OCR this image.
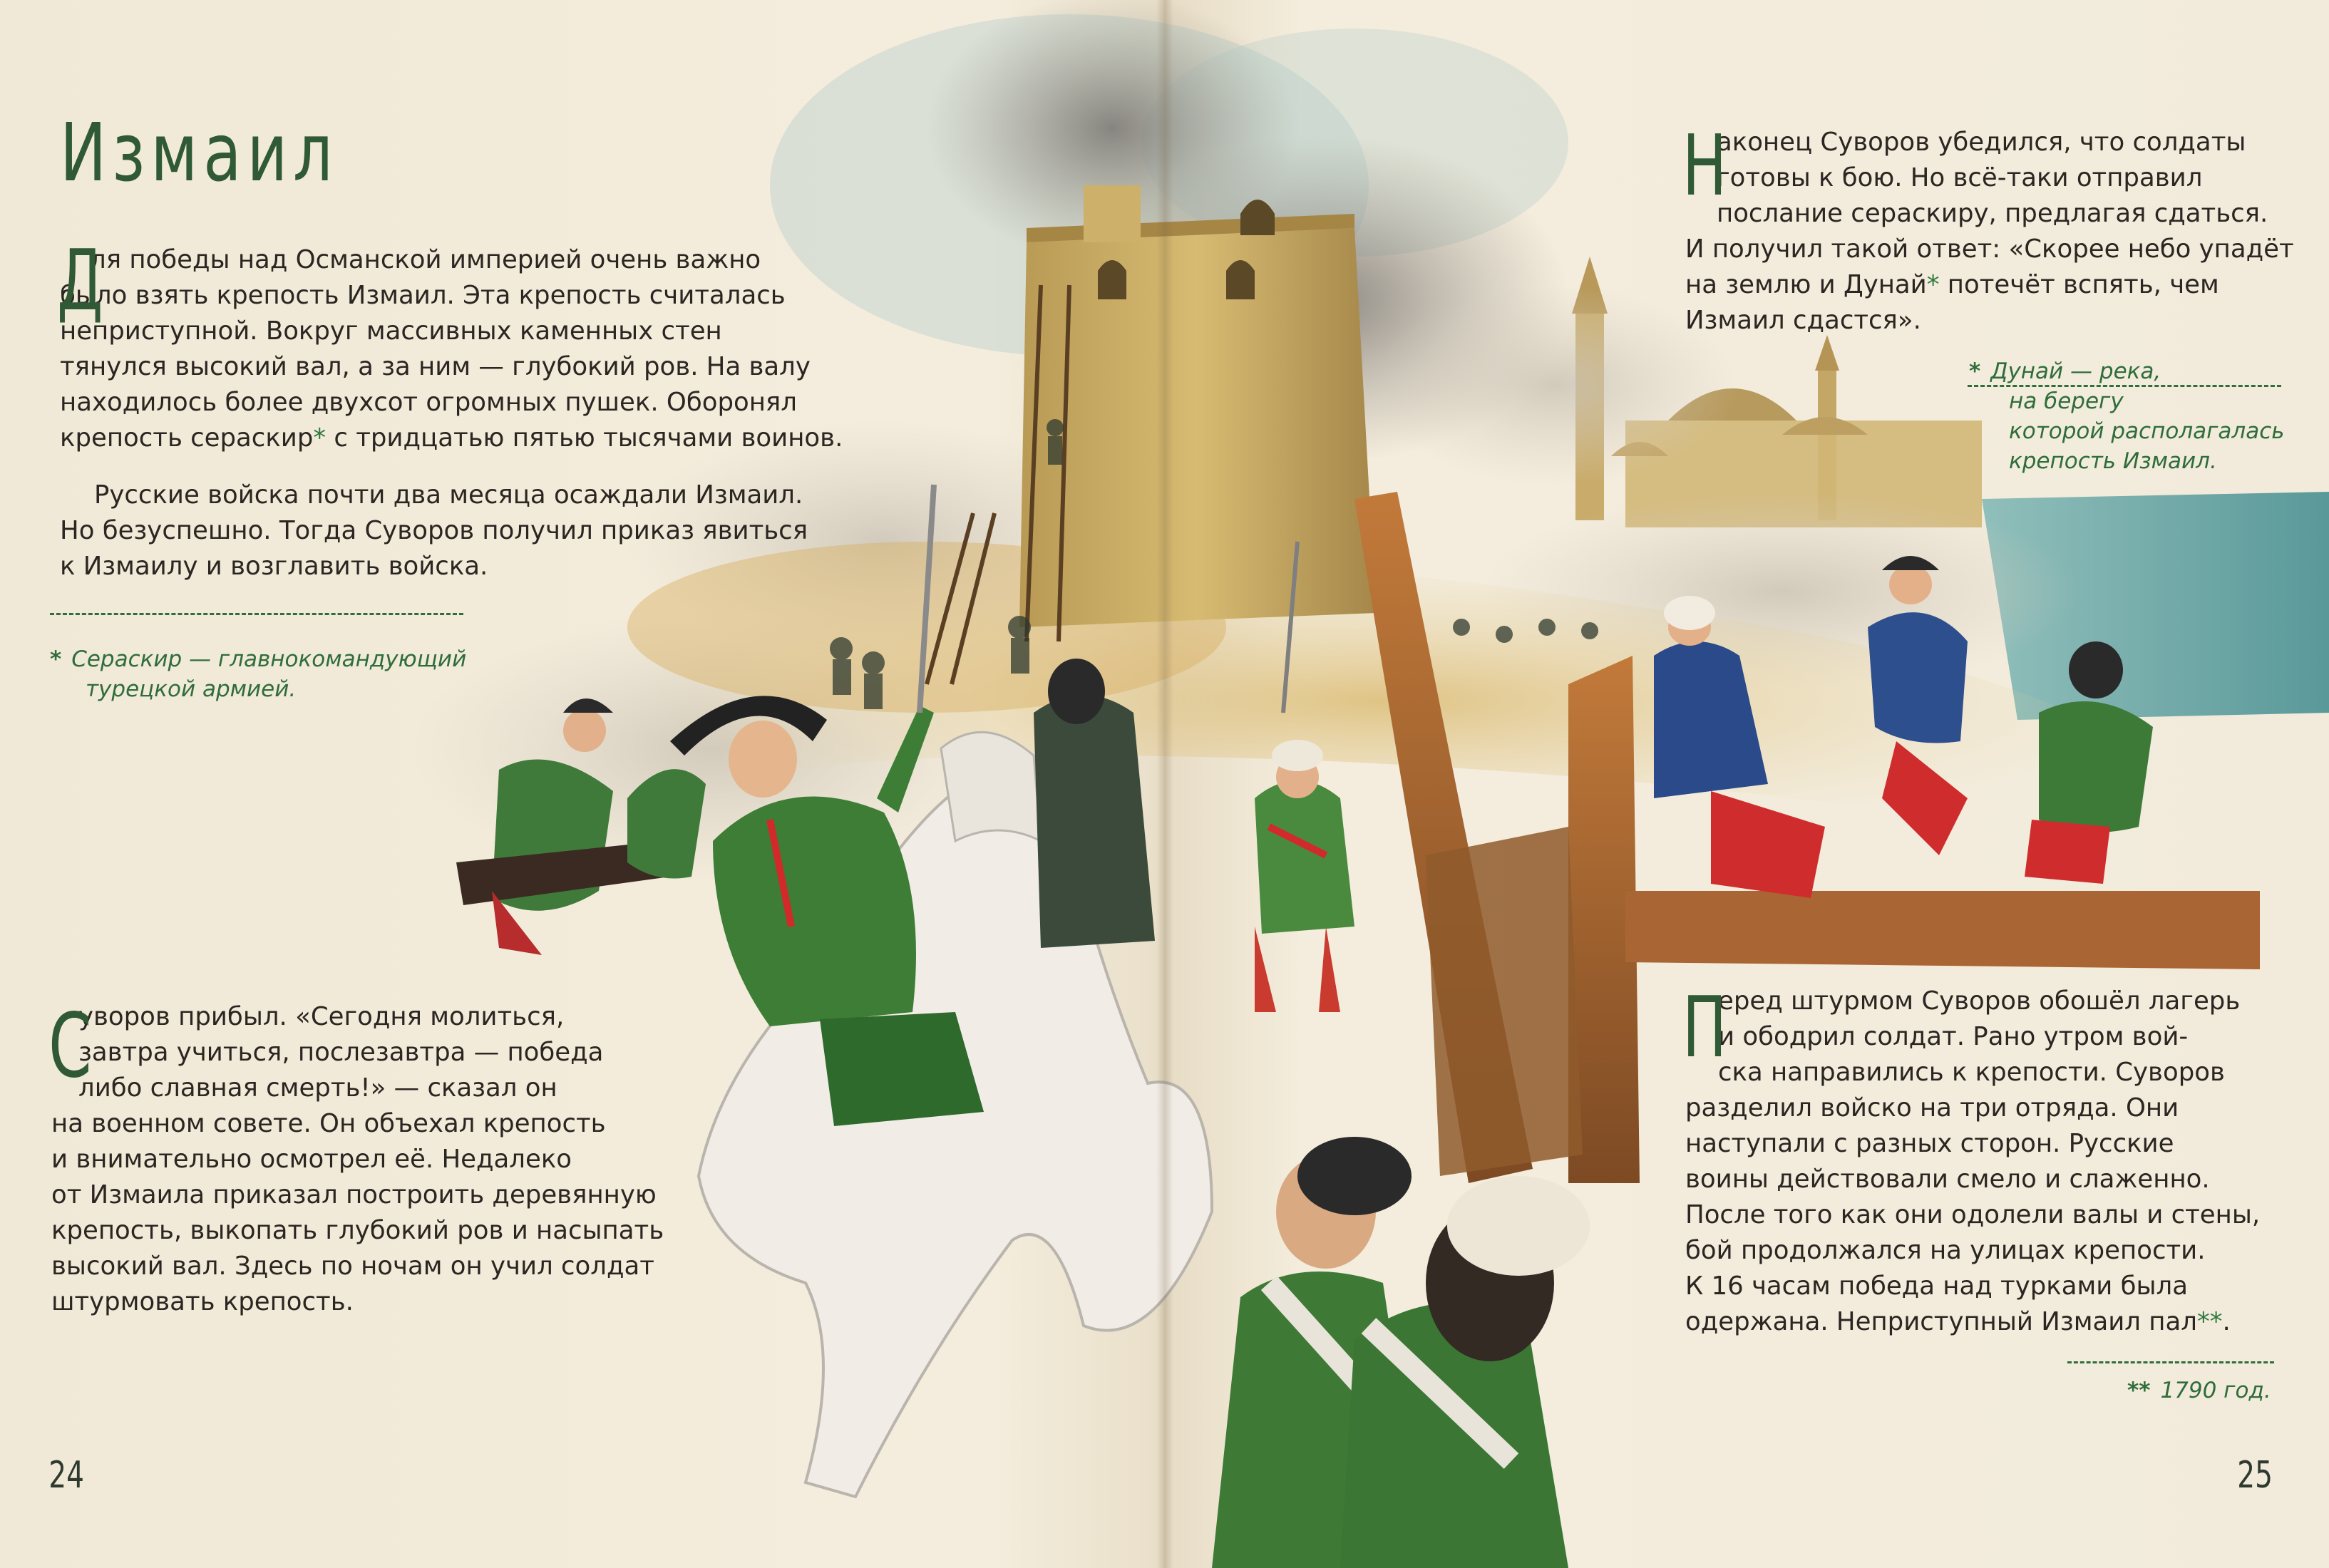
Измаил
Д

ля победы над Османской империей очень важно

было взять крепость Измаил. Эта крепость считалась

неприступной. Вокруг массивных каменных стен

тянулся высокий вал, а за ним — глубокий ров. На валу

находилось более двухсот огромных пушек. Оборонял

крепость сераскир* с тридцатью пятью тысячами воинов.

Русские войска почти два месяца осаждали Измаил.

Но безуспешно. Тогда Суворов получил приказ явиться

к Измаилу и возглавить войска.

* Сераскир — главнокомандующий
турецкой армией.
С

уворов прибыл. «Сегодня молиться,

завтра учиться, послезавтра — победа

либо славная смерть!» — сказал он

на военном совете. Он объехал крепость

и внимательно осмотрел её. Недалеко

от Измаила приказал построить деревянную

крепость, выкопать глубокий ров и насыпать

высокий вал. Здесь по ночам он учил солдат

штурмовать крепость.

24
Н

аконец Суворов убедился, что солдаты

готовы к бою. Но всё-таки отправил

послание сераскиру, предлагая сдаться.

И получил такой ответ: «Скорее небо упадёт

на землю и Дунай* потечёт вспять, чем

Измаил сдастся».

* Дунай — река,
на берегу
которой располагалась
крепость Измаил.
П

еред штурмом Суворов обошёл лагерь

и ободрил солдат. Рано утром вой-

ска направились к крепости. Суворов

разделил войско на три отряда. Они

наступали с разных сторон. Русские

воины действовали смело и слаженно.

После того как они одолели валы и стены,

бой продолжался на улицах крепости.

К 16 часам победа над турками была

одержана. Неприступный Измаил пал**.

** 1790 год.
25
